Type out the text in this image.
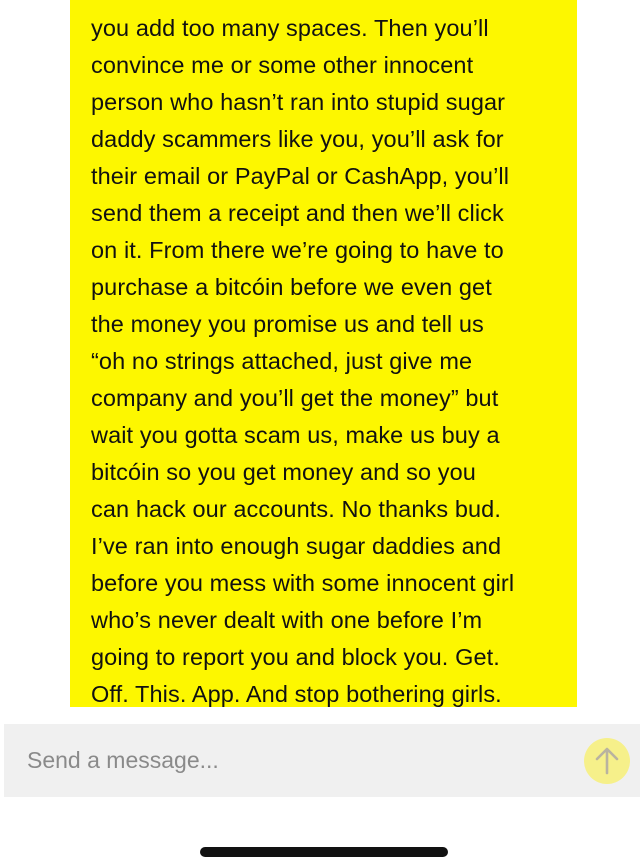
you add too many spaces. Then you’ll
convince me or some other innocent
person who hasn’t ran into stupid sugar
daddy scammers like you, you’ll ask for
their email or PayPal or CashApp, you’ll
send them a receipt and then we’ll click
on it. From there we’re going to have to
purchase a bitcóin before we even get
the money you promise us and tell us
“oh no strings attached, just give me
company and you’ll get the money” but
wait you gotta scam us, make us buy a
bitcóin so you get money and so you
can hack our accounts. No thanks bud.
I’ve ran into enough sugar daddies and
before you mess with some innocent girl
who’s never dealt with one before I’m
going to report you and block you. Get.
Off. This. App. And stop bothering girls.
Send a message...
